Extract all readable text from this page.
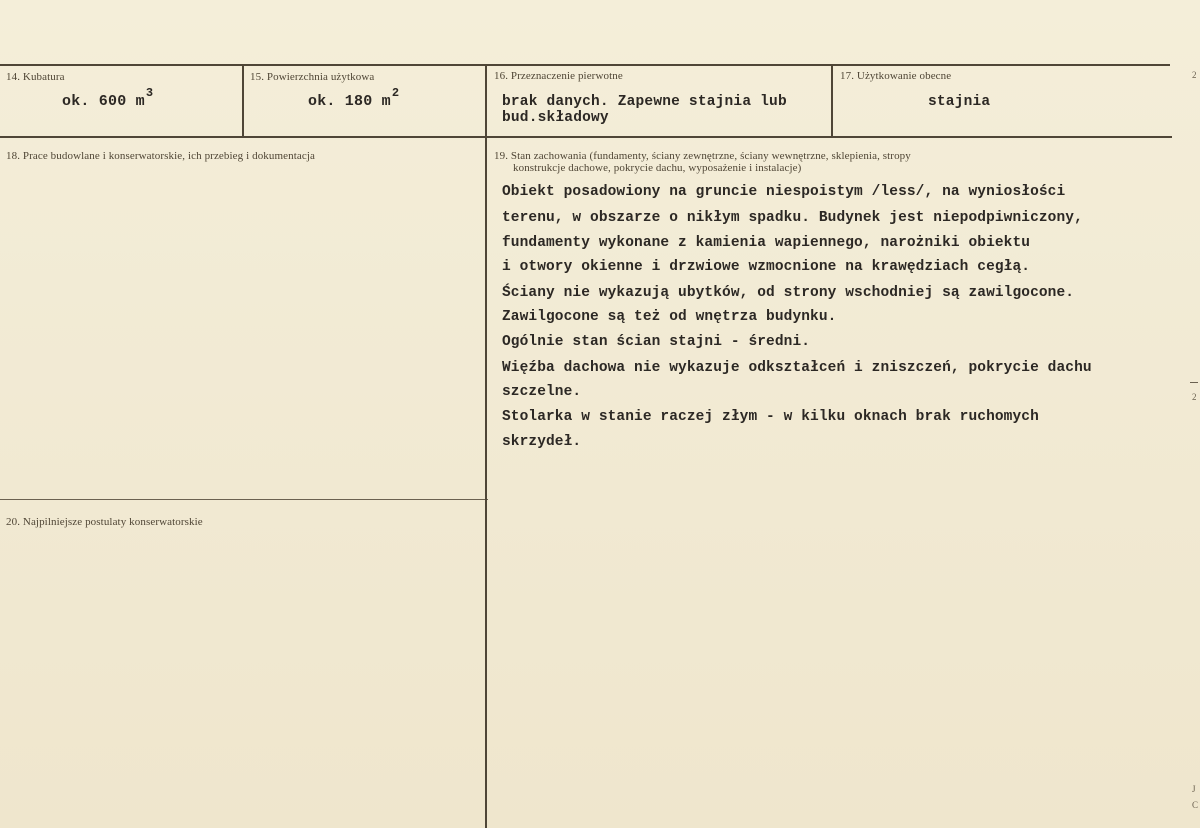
14. Kubatura
ok. 600 $m^3$
15. Powierzchnia użytkowa
ok. 180 $m^2$
16. Przeznaczenie pierwotne
brak danych. Zapewne stajnia lub
bud.składowy
17. Użytkowanie obecne
stajnia
18. Prace budowlane i konserwatorskie, ich przebieg i dokumentacja	19. Stan zachowania (fundamenty, ściany zewnętrzne, ściany wewnętrzne, sklepienia, stropy
konstrukcje dachowe, pokrycie dachu, wyposażenie i instalacje)
Obiekt posadowiony na gruncie niespoistym /less/, na wyniosłości
terenu, w obszarze o nikłym spadku. Budynek jest niepodpiwniczony,
fundamenty wykonane z kamienia wapiennego, narożniki obiektu
i otwory okienne i drzwiowe wzmocnione na krawędziach cegłą.
Ściany nie wykazują ubytków, od strony wschodniej są zawilgocone.
Zawilgocone są też od wnętrza budynku.
Ogólnie stan ścian stajni - średni.
Więźba dachowa nie wykazuje odkształceń i zniszczeń, pokrycie dachu
szczelne.
Stolarka w stanie raczej złym - w kilku oknach brak ruchomych
skrzydeł.
20. Najpilniejsze postulaty konserwatorskie
2
2
J
C
